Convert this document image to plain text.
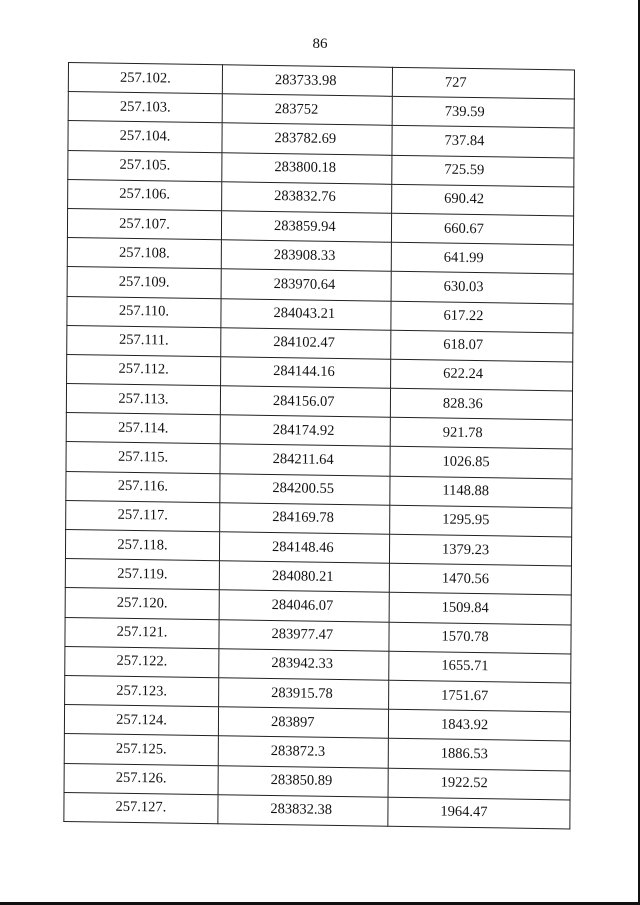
86
257.102.	283733.98	727
257.103.	283752	739.59
257.104.	283782.69	737.84
257.105.	283800.18	725.59
257.106.	283832.76	690.42
257.107.	283859.94	660.67
257.108.	283908.33	641.99
257.109.	283970.64	630.03
257.110.	284043.21	617.22
257.111.	284102.47	618.07
257.112.	284144.16	622.24
257.113.	284156.07	828.36
257.114.	284174.92	921.78
257.115.	284211.64	1026.85
257.116.	284200.55	1148.88
257.117.	284169.78	1295.95
257.118.	284148.46	1379.23
257.119.	284080.21	1470.56
257.120.	284046.07	1509.84
257.121.	283977.47	1570.78
257.122.	283942.33	1655.71
257.123.	283915.78	1751.67
257.124.	283897	1843.92
257.125.	283872.3	1886.53
257.126.	283850.89	1922.52
257.127.	283832.38	1964.47
